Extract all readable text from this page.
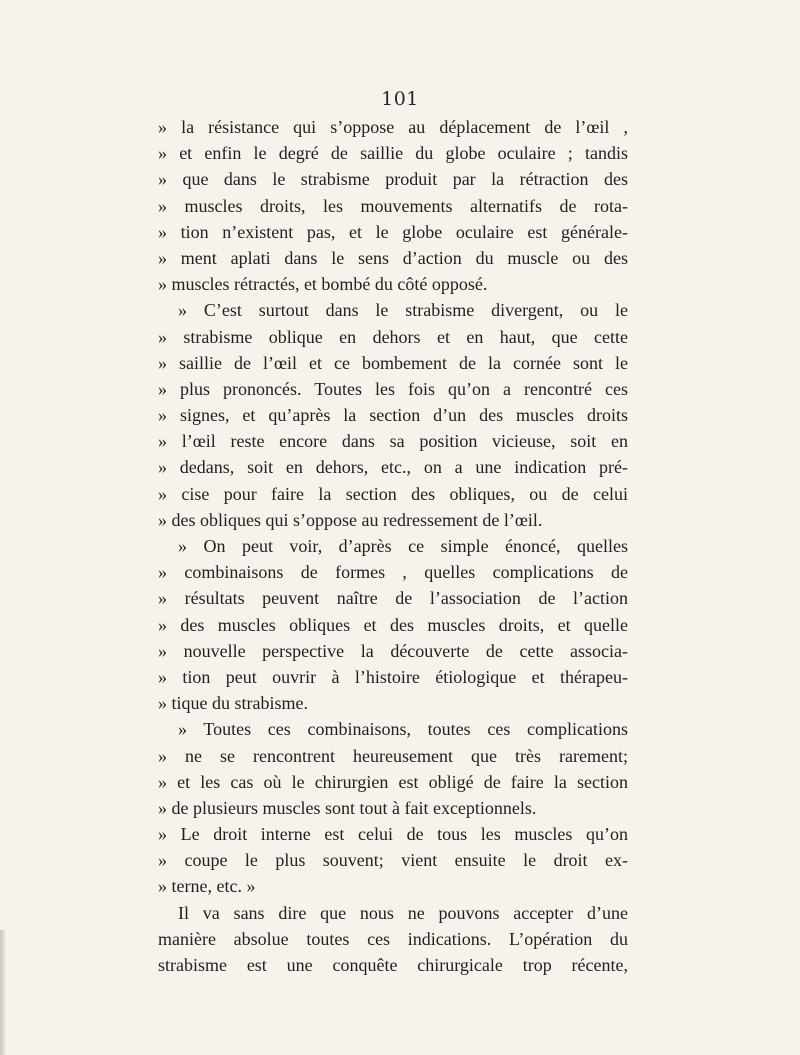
101
» la résistance qui s’oppose au déplacement de l’œil ,
» et enfin le degré de saillie du globe oculaire ; tandis
» que dans le strabisme produit par la rétraction des
» muscles droits, les mouvements alternatifs de rota-
» tion n’existent pas, et le globe oculaire est générale-
» ment aplati dans le sens d’action du muscle ou des
» muscles rétractés, et bombé du côté opposé.
» C’est surtout dans le strabisme divergent, ou le
» strabisme oblique en dehors et en haut, que cette
» saillie de l’œil et ce bombement de la cornée sont le
» plus prononcés. Toutes les fois qu’on a rencontré ces
» signes, et qu’après la section d’un des muscles droits
» l’œil reste encore dans sa position vicieuse, soit en
» dedans, soit en dehors, etc., on a une indication pré-
» cise pour faire la section des obliques, ou de celui
» des obliques qui s’oppose au redressement de l’œil.
» On peut voir, d’après ce simple énoncé, quelles
» combinaisons de formes , quelles complications de
» résultats peuvent naître de l’association de l’action
» des muscles obliques et des muscles droits, et quelle
» nouvelle perspective la découverte de cette associa-
» tion peut ouvrir à l’histoire étiologique et thérapeu-
» tique du strabisme.
» Toutes ces combinaisons, toutes ces complications
» ne se rencontrent heureusement que très rarement;
» et les cas où le chirurgien est obligé de faire la section
» de plusieurs muscles sont tout à fait exceptionnels.
» Le droit interne est celui de tous les muscles qu’on
» coupe le plus souvent; vient ensuite le droit ex-
» terne, etc. »
Il va sans dire que nous ne pouvons accepter d’une
manière absolue toutes ces indications. L’opération du
strabisme est une conquête chirurgicale trop récente,
